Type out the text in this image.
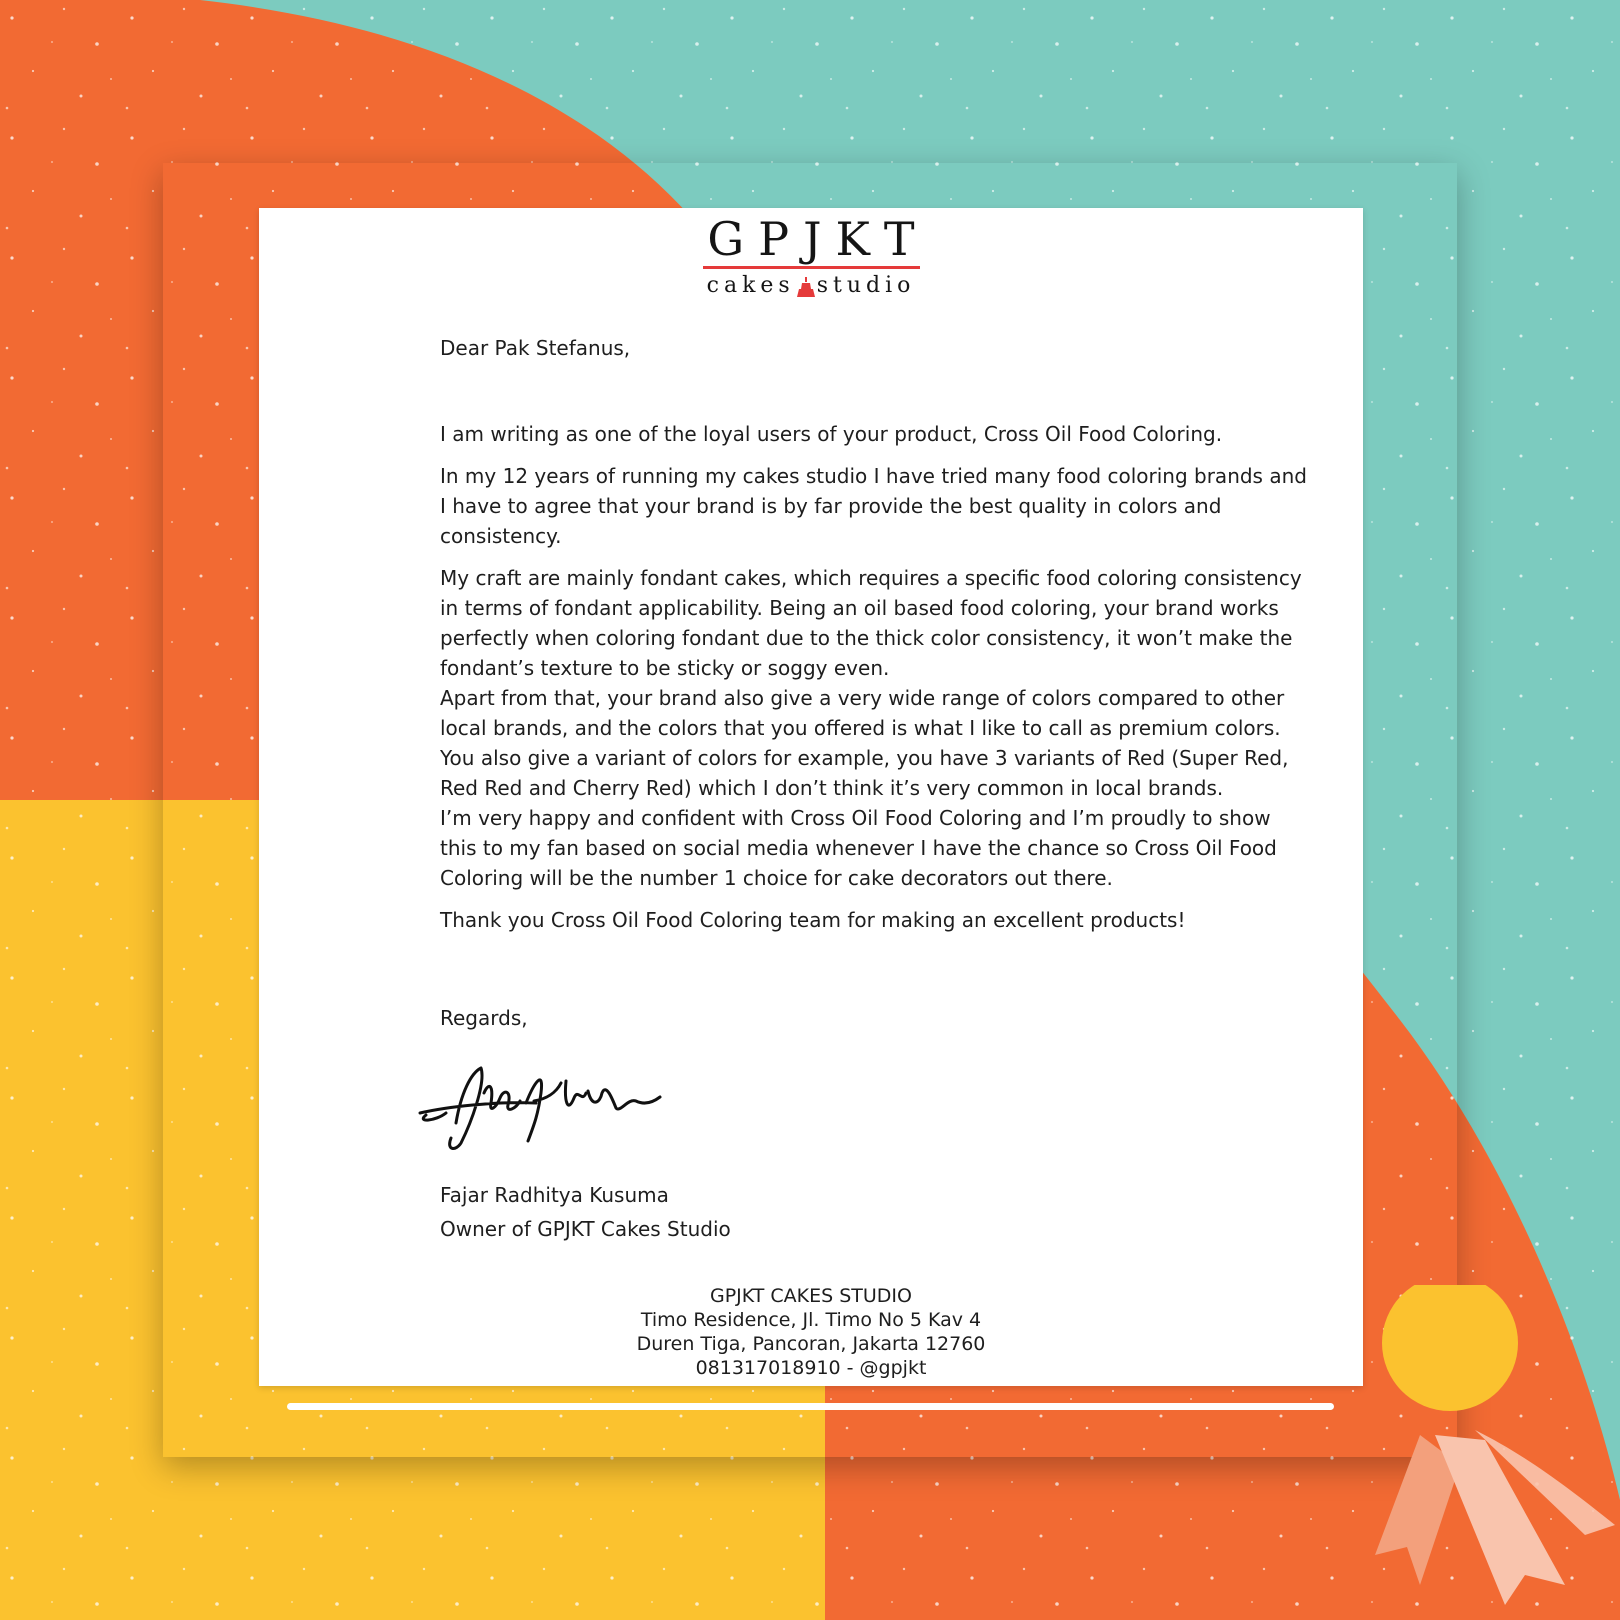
GPJKT
cakes studio

Dear Pak Stefanus,

I am writing as one of the loyal users of your product, Cross Oil Food Coloring.

In my 12 years of running my cakes studio I have tried many food coloring brands and I have to agree that your brand is by far provide the best quality in colors and consistency.

My craft are mainly fondant cakes, which requires a specific food coloring consistency in terms of fondant applicability. Being an oil based food coloring, your brand works perfectly when coloring fondant due to the thick color consistency, it won’t make the fondant’s texture to be sticky or soggy even.

Apart from that, your brand also give a very wide range of colors compared to other local brands, and the colors that you offered is what I like to call as premium colors. You also give a variant of colors for example, you have 3 variants of Red (Super Red, Red Red and Cherry Red) which I don’t think it’s very common in local brands.

I’m very happy and confident with Cross Oil Food Coloring and I’m proudly to show this to my fan based on social media whenever I have the chance so Cross Oil Food Coloring will be the number 1 choice for cake decorators out there.

Thank you Cross Oil Food Coloring team for making an excellent products!

Regards,
Fajar Radhitya Kusuma
Owner of GPJKT Cakes Studio
GPJKT CAKES STUDIO
Timo Residence, Jl. Timo No 5 Kav 4
Duren Tiga, Pancoran, Jakarta 12760
081317018910 - @gpjkt
